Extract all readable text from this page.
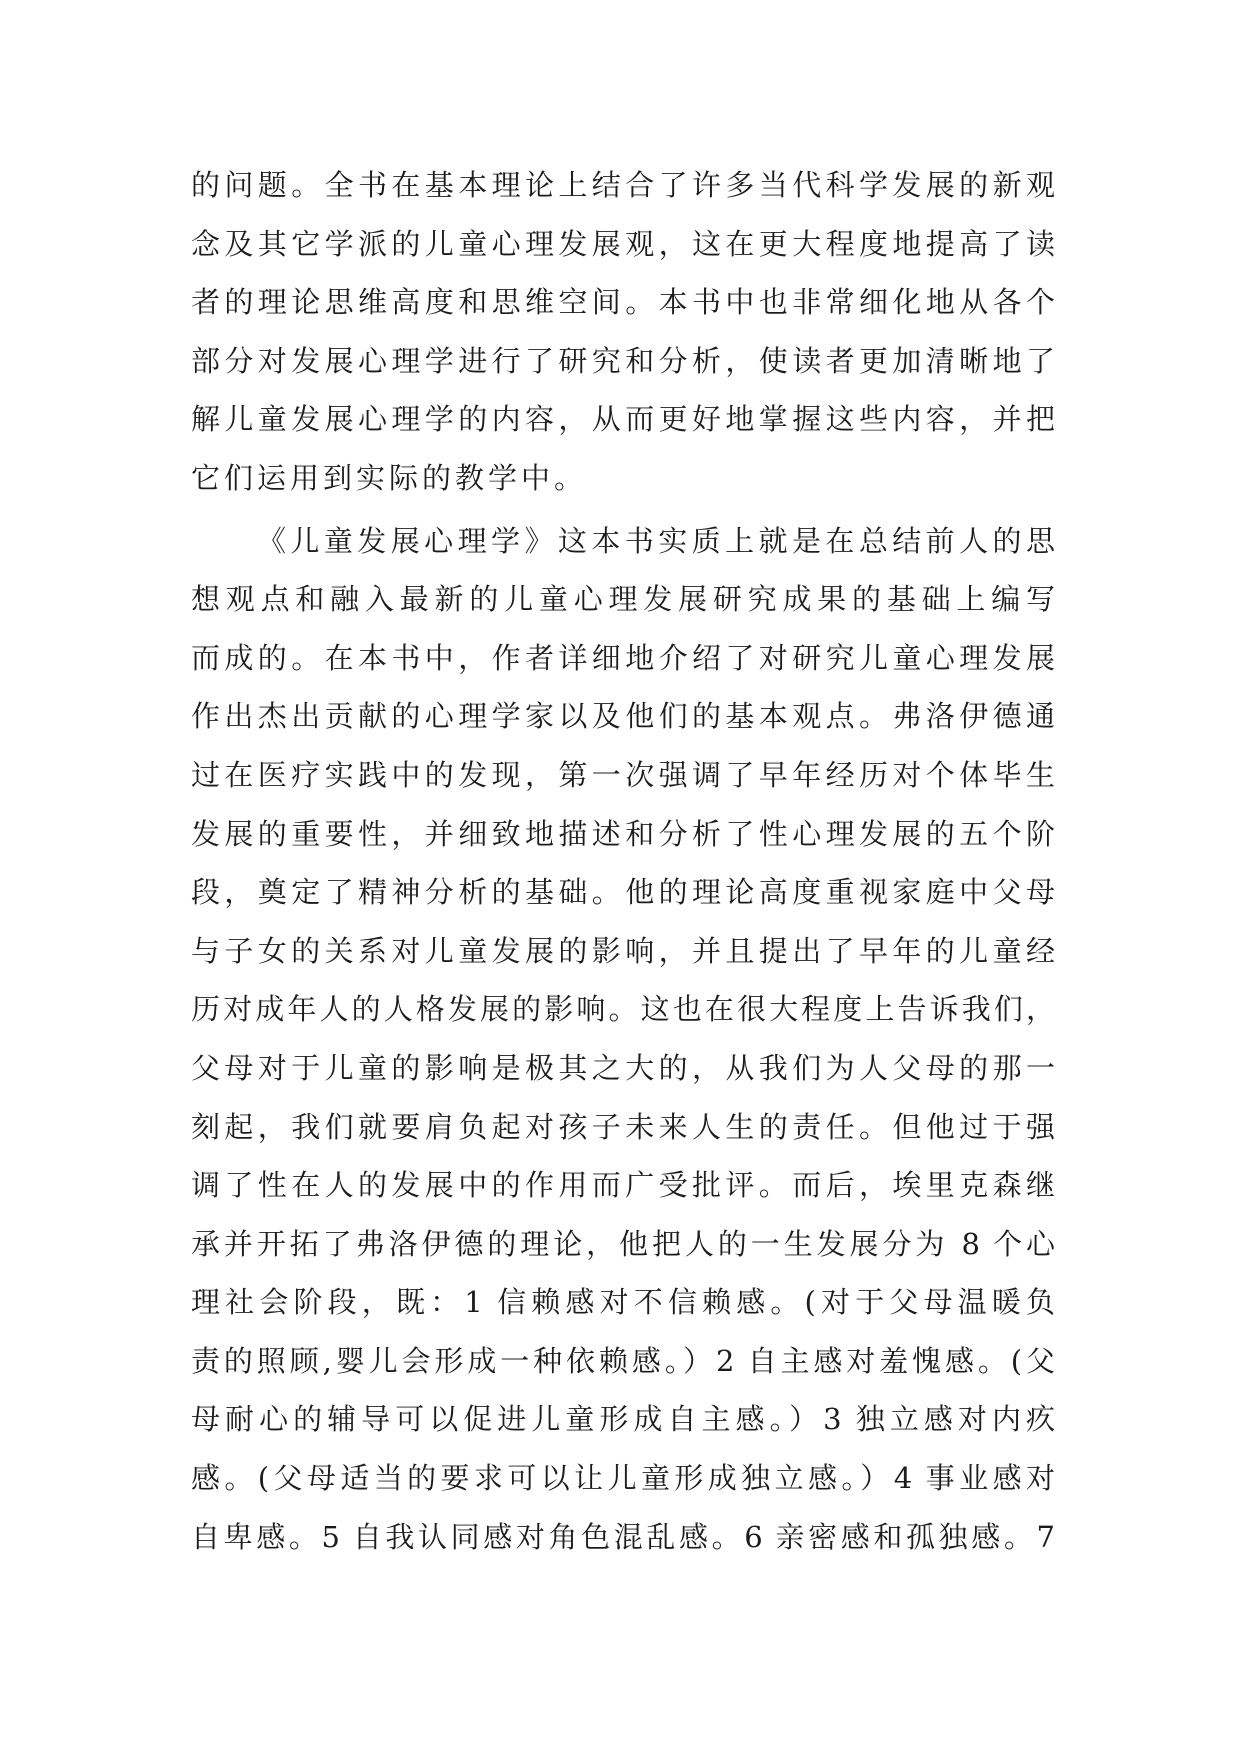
的问题。全书在基本理论上结合了许多当代科学发展的新观
念及其它学派的儿童心理发展观，这在更大程度地提高了读
者的理论思维高度和思维空间。本书中也非常细化地从各个
部分对发展心理学进行了研究和分析，使读者更加清晰地了
解儿童发展心理学的内容，从而更好地掌握这些内容，并把
它们运用到实际的教学中。
《儿童发展心理学》这本书实质上就是在总结前人的思
想观点和融入最新的儿童心理发展研究成果的基础上编写
而成的。在本书中，作者详细地介绍了对研究儿童心理发展
作出杰出贡献的心理学家以及他们的基本观点。弗洛伊德通
过在医疗实践中的发现，第一次强调了早年经历对个体毕生
发展的重要性，并细致地描述和分析了性心理发展的五个阶
段，奠定了精神分析的基础。他的理论高度重视家庭中父母
与子女的关系对儿童发展的影响，并且提出了早年的儿童经
历对成年人的人格发展的影响。这也在很大程度上告诉我们，
父母对于儿童的影响是极其之大的，从我们为人父母的那一
刻起，我们就要肩负起对孩子未来人生的责任。但他过于强
调了性在人的发展中的作用而广受批评。而后，埃里克森继
承并开拓了弗洛伊德的理论，他把人的一生发展分为 8 个心
理社会阶段，既：1 信赖感对不信赖感。(对于父母温暖负
责的照顾,婴儿会形成一种依赖感。）2 自主感对羞愧感。(父
母耐心的辅导可以促进儿童形成自主感。）3 独立感对内疚
感。(父母适当的要求可以让儿童形成独立感。）4 事业感对
自卑感。5 自我认同感对角色混乱感。6 亲密感和孤独感。7
